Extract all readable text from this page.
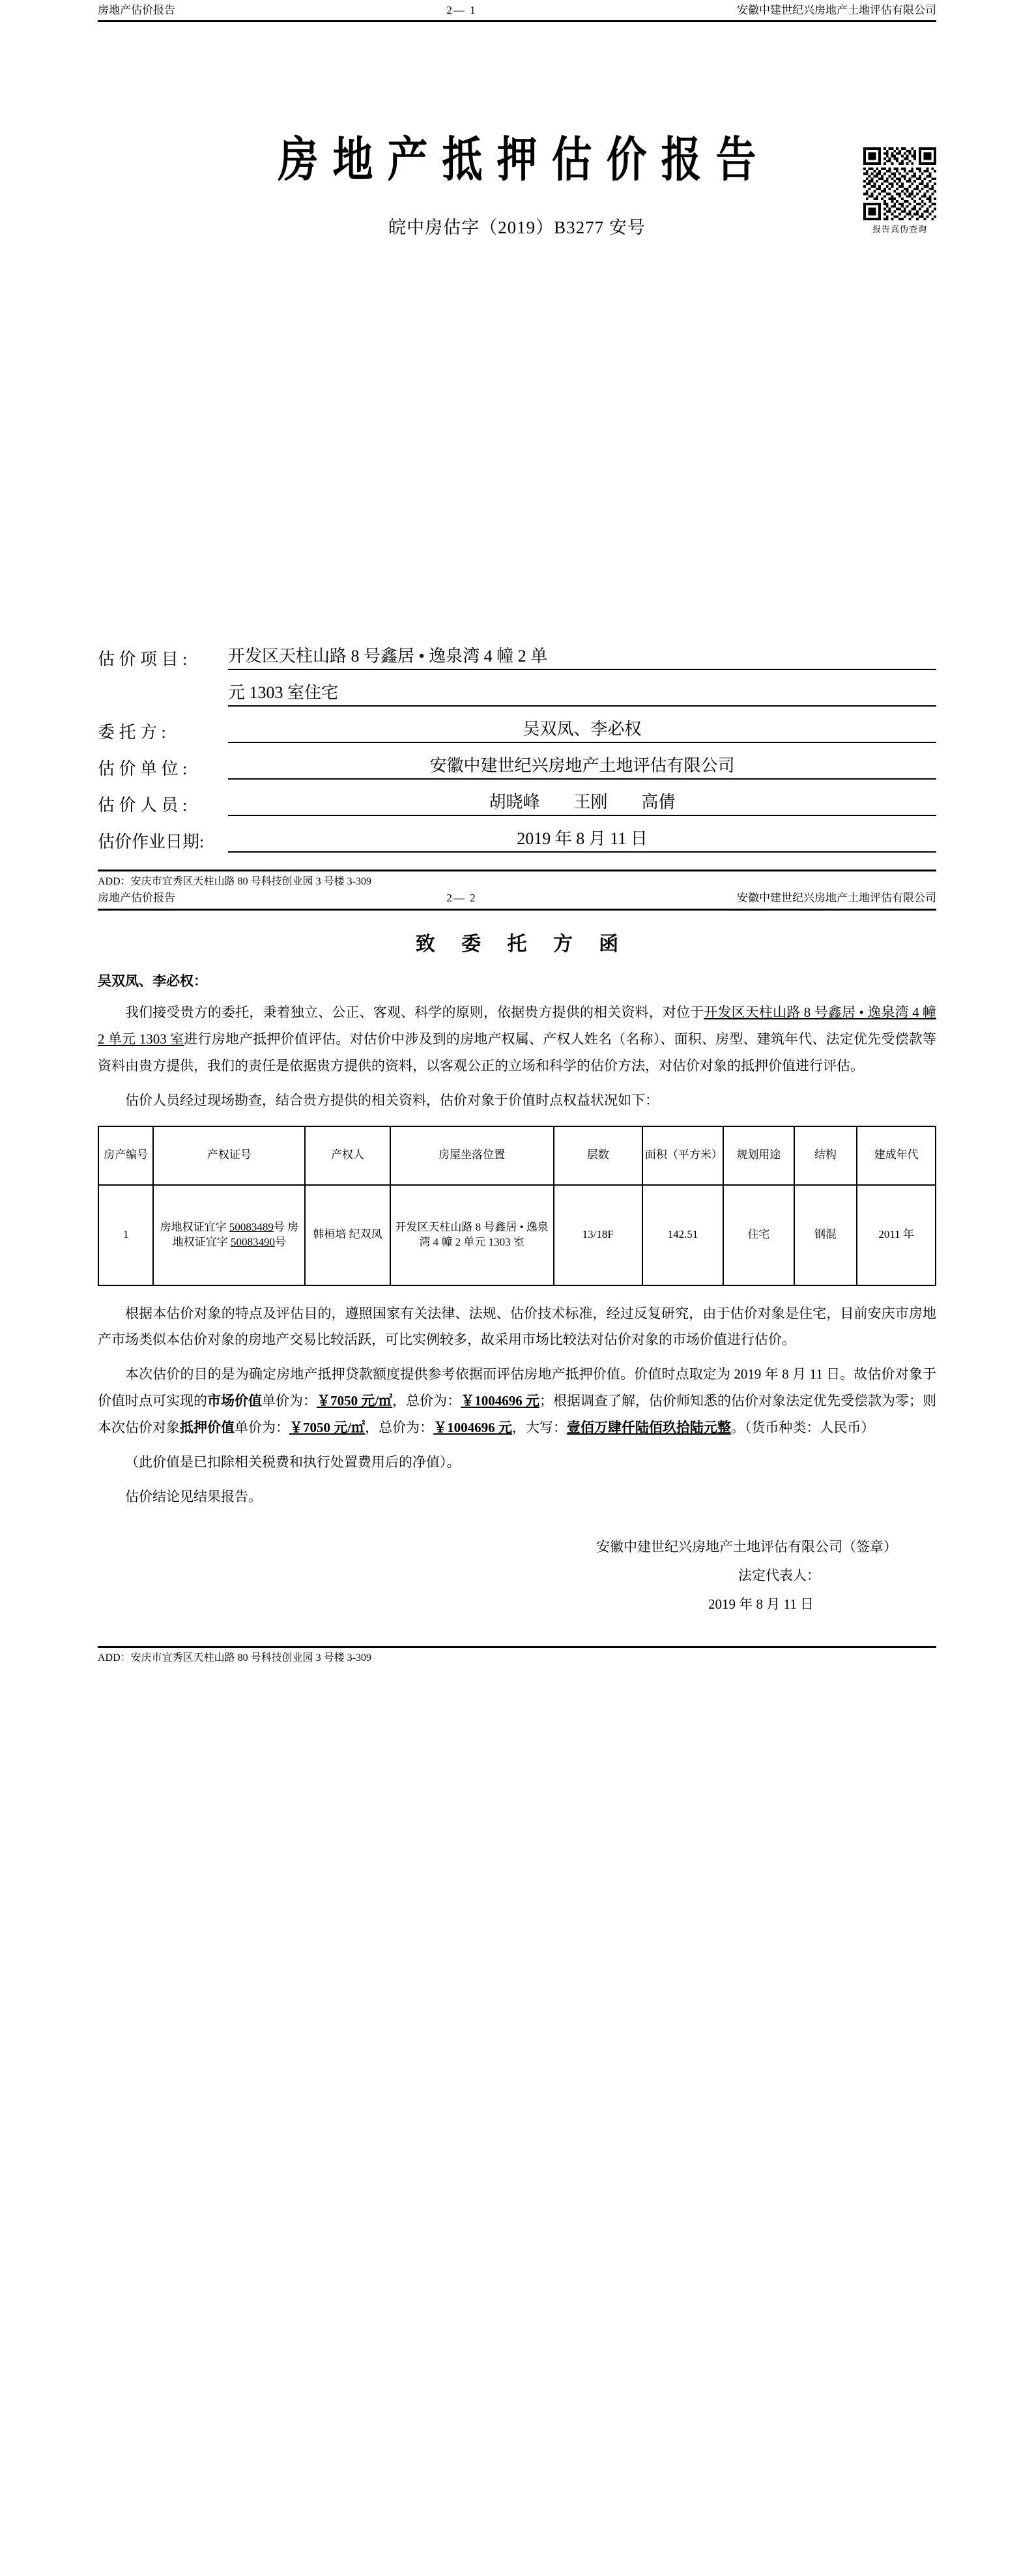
房地产估价报告	2— 1	安徽中建世纪兴房地产土地评估有限公司
报告真伪查询
房地产抵押估价报告
皖中房估字（2019）B3277 安号
估 价 项 目 :	开发区天柱山路 8 号鑫居 • 逸泉湾 4 幢 2 单
元 1303 室住宅
委 托 方 :	吴双凤、李必权
估 价 单 位 :	安徽中建世纪兴房地产土地评估有限公司
估 价 人 员 :	胡晓峰　　王刚　　高倩
估价作业日期:	2019 年 8 月 11 日
ADD：安庆市宜秀区天柱山路 80 号科技创业园 3 号楼 3-309
房地产估价报告	2— 2	安徽中建世纪兴房地产土地评估有限公司
致 委 托 方 函
吴双凤、李必权：

我们接受贵方的委托，秉着独立、公正、客观、科学的原则，依据贵方提供的相关资料，对位于开发区天柱山路 8 号鑫居 • 逸泉湾 4 幢 2 单元 1303 室进行房地产抵押价值评估。对估价中涉及到的房地产权属、产权人姓名（名称）、面积、房型、建筑年代、法定优先受偿款等资料由贵方提供，我们的责任是依据贵方提供的资料，以客观公正的立场和科学的估价方法，对估价对象的抵押价值进行评估。

估价人员经过现场勘查，结合贵方提供的相关资料，估价对象于价值时点权益状况如下：

房产编号	产权证号	产权人	房屋坐落位置	层数	面积（平方米）	规划用途	结构	建成年代
1	房地权证宜字 50083489号 房地权证宜字 50083490号	韩桓培 纪双凤	开发区天柱山路 8 号鑫居 • 逸泉湾 4 幢 2 单元 1303 室	13/18F	142.51	住宅	钢混	2011 年

根据本估价对象的特点及评估目的，遵照国家有关法律、法规、估价技术标准，经过反复研究，由于估价对象是住宅，目前安庆市房地产市场类似本估价对象的房地产交易比较活跃，可比实例较多，故采用市场比较法对估价对象的市场价值进行估价。

本次估价的目的是为确定房地产抵押贷款额度提供参考依据而评估房地产抵押价值。价值时点取定为 2019 年 8 月 11 日。故估价对象于价值时点可实现的市场价值单价为：￥7050 元/㎡，总价为：￥1004696 元；根据调查了解，估价师知悉的估价对象法定优先受偿款为零；则本次估价对象抵押价值单价为：￥7050 元/㎡，总价为：￥1004696 元，大写：壹佰万肆仟陆佰玖拾陆元整。（货币种类：人民币）

（此价值是已扣除相关税费和执行处置费用后的净值）。

估价结论见结果报告。

安徽中建世纪兴房地产土地评估有限公司（签章）
法定代表人：
2019 年 8 月 11 日
ADD：安庆市宜秀区天柱山路 80 号科技创业园 3 号楼 3-309
